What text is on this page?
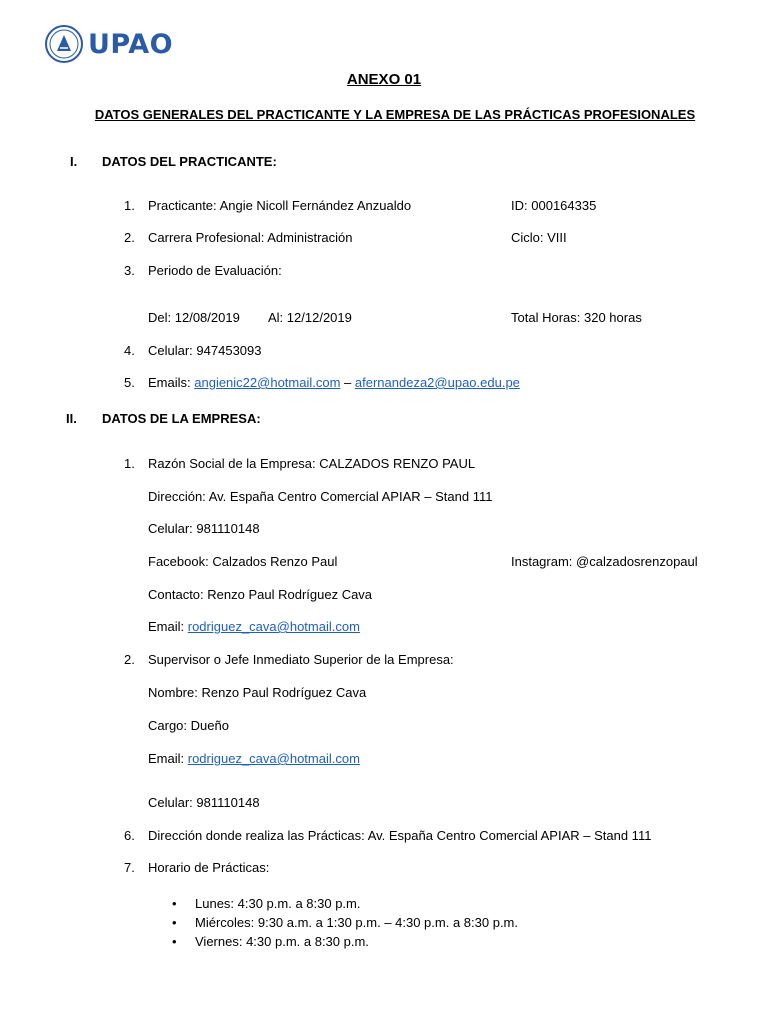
UPAO
ANEXO 01
DATOS GENERALES DEL PRACTICANTE Y LA EMPRESA DE LAS PRÁCTICAS PROFESIONALES
I. DATOS DEL PRACTICANTE:
1. Practicante: Angie Nicoll Fernández Anzualdo	ID: 000164335
2. Carrera Profesional: Administración	Ciclo: VIII
3. Periodo de Evaluación:
Del: 12/08/2019 Al: 12/12/2019	Total Horas: 320 horas
4. Celular: 947453093
5. Emails: angienic22@hotmail.com – afernandeza2@upao.edu.pe
II. DATOS DE LA EMPRESA:
1. Razón Social de la Empresa: CALZADOS RENZO PAUL
Dirección: Av. España Centro Comercial APIAR – Stand 111
Celular: 981110148
Facebook: Calzados Renzo Paul	Instagram: @calzadosrenzopaul
Contacto: Renzo Paul Rodríguez Cava
Email: rodriguez_cava@hotmail.com
2. Supervisor o Jefe Inmediato Superior de la Empresa:
Nombre: Renzo Paul Rodríguez Cava
Cargo: Dueño
Email: rodriguez_cava@hotmail.com
Celular: 981110148
6. Dirección donde realiza las Prácticas: Av. España Centro Comercial APIAR – Stand 111
7. Horario de Prácticas:
• Lunes: 4:30 p.m. a 8:30 p.m.
• Miércoles: 9:30 a.m. a 1:30 p.m. – 4:30 p.m. a 8:30 p.m.
• Viernes: 4:30 p.m. a 8:30 p.m.
